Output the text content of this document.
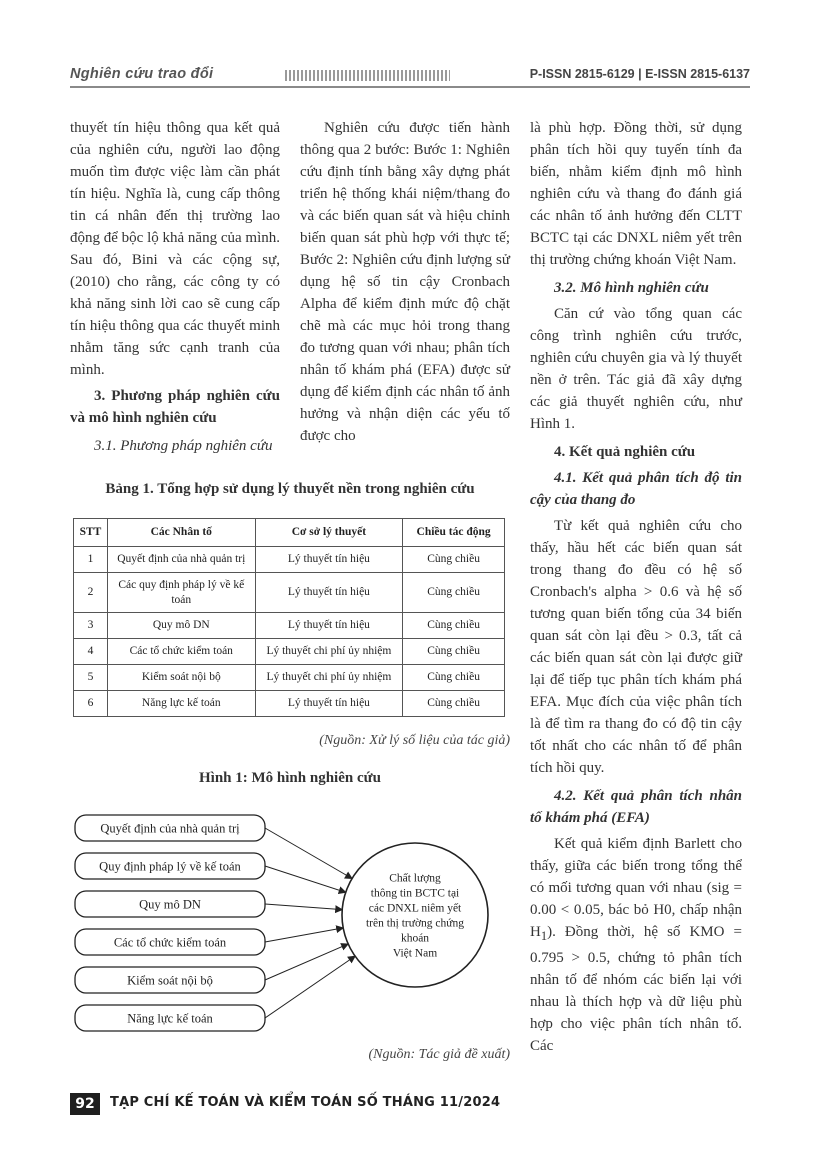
Nghiên cứu trao đổi	P-ISSN 2815-6129 | E-ISSN 2815-6137

thuyết tín hiệu thông qua kết quả của nghiên cứu, người lao động muốn tìm được việc làm cần phát tín hiệu. Nghĩa là, cung cấp thông tin cá nhân đến thị trường lao động để bộc lộ khả năng của mình. Sau đó, Bini và các cộng sự, (2010) cho rằng, các công ty có khả năng sinh lời cao sẽ cung cấp tín hiệu thông qua các thuyết minh nhằm tăng sức cạnh tranh của mình.

3. Phương pháp nghiên cứu và mô hình nghiên cứu

3.1. Phương pháp nghiên cứu

Nghiên cứu được tiến hành thông qua 2 bước: Bước 1: Nghiên cứu định tính bằng xây dựng phát triển hệ thống khái niệm/thang đo và các biến quan sát và hiệu chỉnh biến quan sát phù hợp với thực tế; Bước 2: Nghiên cứu định lượng sử dụng hệ số tin cậy Cronbach Alpha để kiểm định mức độ chặt chẽ mà các mục hỏi trong thang đo tương quan với nhau; phân tích nhân tố khám phá (EFA) được sử dụng để kiểm định các nhân tố ảnh hưởng và nhận diện các yếu tố được cho

là phù hợp. Đồng thời, sử dụng phân tích hồi quy tuyến tính đa biến, nhằm kiểm định mô hình nghiên cứu và thang đo đánh giá các nhân tố ảnh hưởng đến CLTT BCTC tại các DNXL niêm yết trên thị trường chứng khoán Việt Nam.

3.2. Mô hình nghiên cứu

Căn cứ vào tổng quan các công trình nghiên cứu trước, nghiên cứu chuyên gia và lý thuyết nền ở trên. Tác giả đã xây dựng các giả thuyết nghiên cứu, như Hình 1.

4. Kết quả nghiên cứu

4.1. Kết quả phân tích độ tin cậy của thang đo

Từ kết quả nghiên cứu cho thấy, hầu hết các biến quan sát trong thang đo đều có hệ số Cronbach's alpha > 0.6 và hệ số tương quan biến tổng của 34 biến quan sát còn lại đều > 0.3, tất cả các biến quan sát còn lại được giữ lại để tiếp tục phân tích khám phá EFA. Mục đích của việc phân tích là để tìm ra thang đo có độ tin cậy tốt nhất cho các nhân tố để phân tích hồi quy.

4.2. Kết quả phân tích nhân tố khám phá (EFA)

Kết quả kiểm định Barlett cho thấy, giữa các biến trong tổng thể có mối tương quan với nhau (sig = 0.00 < 0.05, bác bỏ H0, chấp nhận $H_1$). Đồng thời, hệ số KMO = 0.795 > 0.5, chứng tỏ phân tích nhân tố để nhóm các biến lại với nhau là thích hợp và dữ liệu phù hợp cho việc phân tích nhân tố. Các

Bảng 1. Tổng hợp sử dụng lý thuyết nền trong nghiên cứu
STT	Các Nhân tố	Cơ sở lý thuyết	Chiều tác động
1	Quyết định của nhà quản trị	Lý thuyết tín hiệu	Cùng chiều
2	Các quy định pháp lý về kế toán	Lý thuyết tín hiệu	Cùng chiều
3	Quy mô DN	Lý thuyết tín hiệu	Cùng chiều
4	Các tổ chức kiểm toán	Lý thuyết chi phí ủy nhiệm	Cùng chiều
5	Kiểm soát nội bộ	Lý thuyết chi phí ủy nhiệm	Cùng chiều
6	Năng lực kế toán	Lý thuyết tín hiệu	Cùng chiều
(Nguồn: Xử lý số liệu của tác giả)
Hình 1: Mô hình nghiên cứu
Quyết định của nhà quản trị
Quy định pháp lý về kế toán
Quy mô DN
Các tổ chức kiểm toán
Kiểm soát nội bộ
Năng lực kế toán
Chất lượng
thông tin BCTC tại
các DNXL niêm yết
trên thị trường chứng
khoán
Việt Nam
(Nguồn: Tác giả đề xuất)
92	TẠP CHÍ KẾ TOÁN VÀ KIỂM TOÁN SỐ THÁNG 11/2024
